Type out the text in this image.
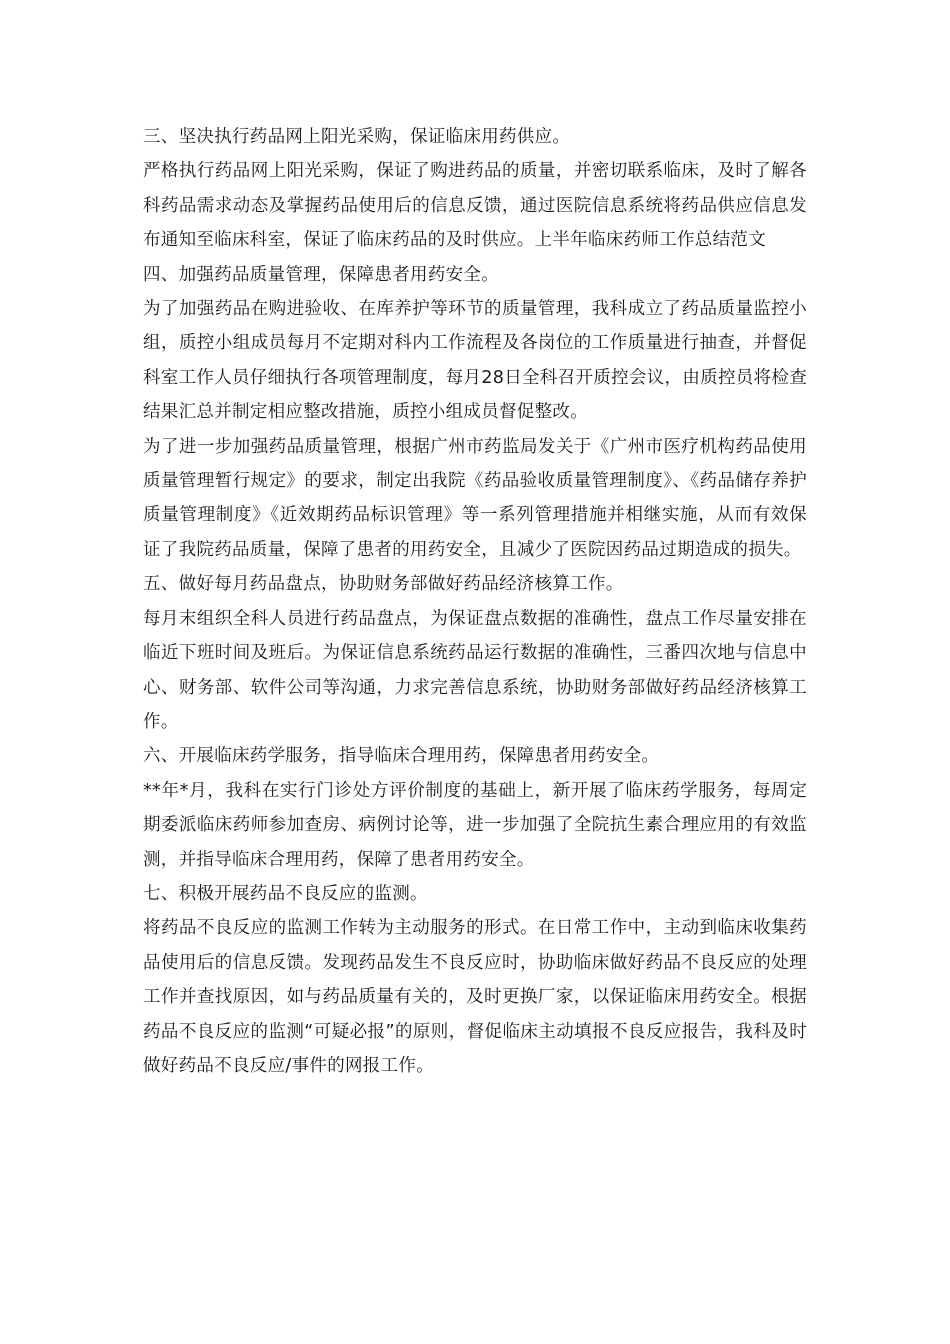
三、坚决执行药品网上阳光采购，保证临床用药供应。

严格执行药品网上阳光采购，保证了购进药品的质量，并密切联系临床，及时了解各科药品需求动态及掌握药品使用后的信息反馈，通过医院信息系统将药品供应信息发布通知至临床科室，保证了临床药品的及时供应。上半年临床药师工作总结范文

四、加强药品质量管理，保障患者用药安全。

为了加强药品在购进验收、在库养护等环节的质量管理，我科成立了药品质量监控小组，质控小组成员每月不定期对科内工作流程及各岗位的工作质量进行抽查，并督促科室工作人员仔细执行各项管理制度，每月28日全科召开质控会议，由质控员将检查结果汇总并制定相应整改措施，质控小组成员督促整改。

为了进一步加强药品质量管理，根据广州市药监局发关于《广州市医疗机构药品使用质量管理暂行规定》的要求，制定出我院《药品验收质量管理制度》、《药品储存养护质量管理制度》《近效期药品标识管理》等一系列管理措施并相继实施，从而有效保证了我院药品质量，保障了患者的用药安全，且减少了医院因药品过期造成的损失。

五、做好每月药品盘点，协助财务部做好药品经济核算工作。

每月末组织全科人员进行药品盘点，为保证盘点数据的准确性，盘点工作尽量安排在临近下班时间及班后。为保证信息系统药品运行数据的准确性，三番四次地与信息中心、财务部、软件公司等沟通，力求完善信息系统，协助财务部做好药品经济核算工作。

六、开展临床药学服务，指导临床合理用药，保障患者用药安全。

**年*月，我科在实行门诊处方评价制度的基础上，新开展了临床药学服务，每周定期委派临床药师参加查房、病例讨论等，进一步加强了全院抗生素合理应用的有效监测，并指导临床合理用药，保障了患者用药安全。

七、积极开展药品不良反应的监测。

将药品不良反应的监测工作转为主动服务的形式。在日常工作中，主动到临床收集药品使用后的信息反馈。发现药品发生不良反应时，协助临床做好药品不良反应的处理工作并查找原因，如与药品质量有关的，及时更换厂家，以保证临床用药安全。根据药品不良反应的监测“可疑必报”的原则，督促临床主动填报不良反应报告，我科及时做好药品不良反应/事件的网报工作。
